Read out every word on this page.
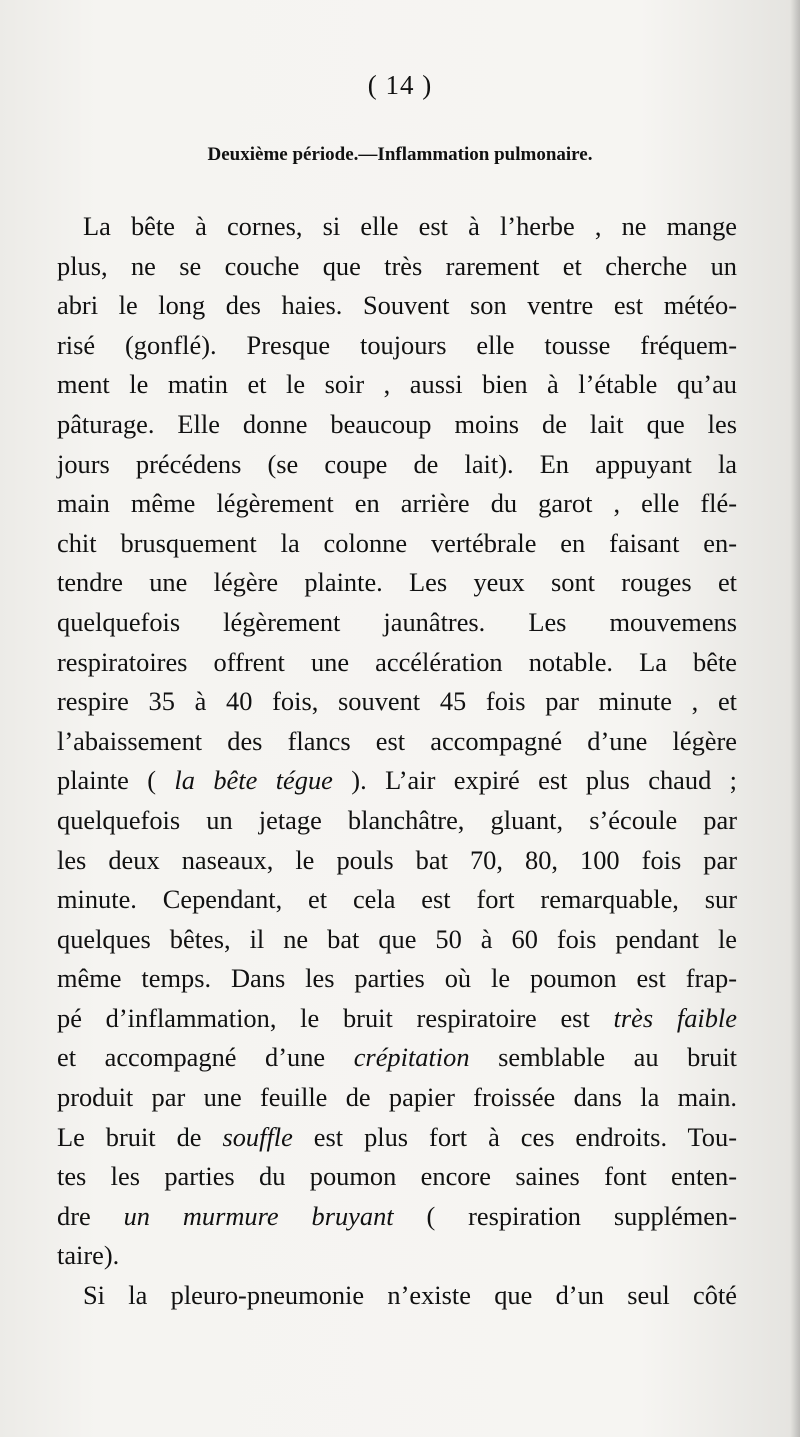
( 14 )
Deuxième période.—Inflammation pulmonaire.
La bête à cornes, si elle est à l’herbe , ne mange
plus, ne se couche que très rarement et cherche un
abri le long des haies. Souvent son ventre est météo-
risé (gonflé). Presque toujours elle tousse fréquem-
ment le matin et le soir , aussi bien à l’étable qu’au
pâturage. Elle donne beaucoup moins de lait que les
jours précédens (se coupe de lait). En appuyant la
main même légèrement en arrière du garot , elle flé-
chit brusquement la colonne vertébrale en faisant en-
tendre une légère plainte. Les yeux sont rouges et
quelquefois légèrement jaunâtres. Les mouvemens
respiratoires offrent une accélération notable. La bête
respire 35 à 40 fois, souvent 45 fois par minute , et
l’abaissement des flancs est accompagné d’une légère
plainte ( la bête tégue ). L’air expiré est plus chaud ;
quelquefois un jetage blanchâtre, gluant, s’écoule par
les deux naseaux, le pouls bat 70, 80, 100 fois par
minute. Cependant, et cela est fort remarquable, sur
quelques bêtes, il ne bat que 50 à 60 fois pendant le
même temps. Dans les parties où le poumon est frap-
pé d’inflammation, le bruit respiratoire est très faible
et accompagné d’une crépitation semblable au bruit
produit par une feuille de papier froissée dans la main.
Le bruit de souffle est plus fort à ces endroits. Tou-
tes les parties du poumon encore saines font enten-
dre un murmure bruyant ( respiration supplémen-
taire).
Si la pleuro-pneumonie n’existe que d’un seul côté
